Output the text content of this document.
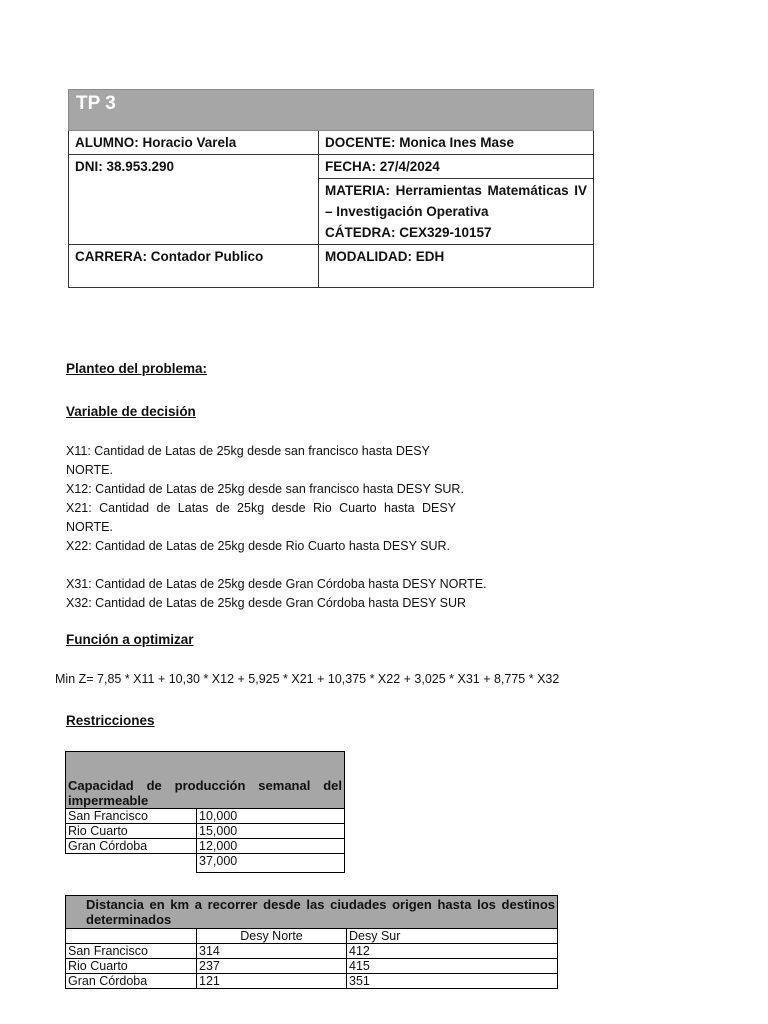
TP 3	
ALUMNO: Horacio Varela	DOCENTE: Monica Ines Mase
DNI: 38.953.290	FECHA: 27/4/2024

	MATERIA: Herramientas Matemáticas IV – Investigación Operativa
CÁTEDRA: CEX329-10157

CARRERA: Contador Publico	MODALIDAD: EDH
Planteo del problema:
Variable de decisión
X11: Cantidad de Latas de 25kg desde san francisco hasta DESY NORTE.
X12: Cantidad de Latas de 25kg desde san francisco hasta DESY SUR.
X21: Cantidad de Latas de 25kg desde Rio Cuarto hasta DESY NORTE.
X22: Cantidad de Latas de 25kg desde Rio Cuarto hasta DESY SUR.
X31: Cantidad de Latas de 25kg desde Gran Córdoba hasta DESY NORTE.
X32: Cantidad de Latas de 25kg desde Gran Córdoba hasta DESY SUR
Función a optimizar
Min Z= 7,85 * X11 + 10,30 * X12 + 5,925 * X21 + 10,375 * X22 + 3,025 * X31 + 8,775 * X32
Restricciones
Capacidad de producción semanal del impermeable	
San Francisco	10,000
Rio Cuarto	15,000
Gran Córdoba	12,000
	37,000
Distancia en km a recorrer desde las ciudades origen hasta los destinos determinados		
	Desy Norte	Desy Sur
San Francisco	314	412
Rio Cuarto	237	415
Gran Córdoba	121	351
